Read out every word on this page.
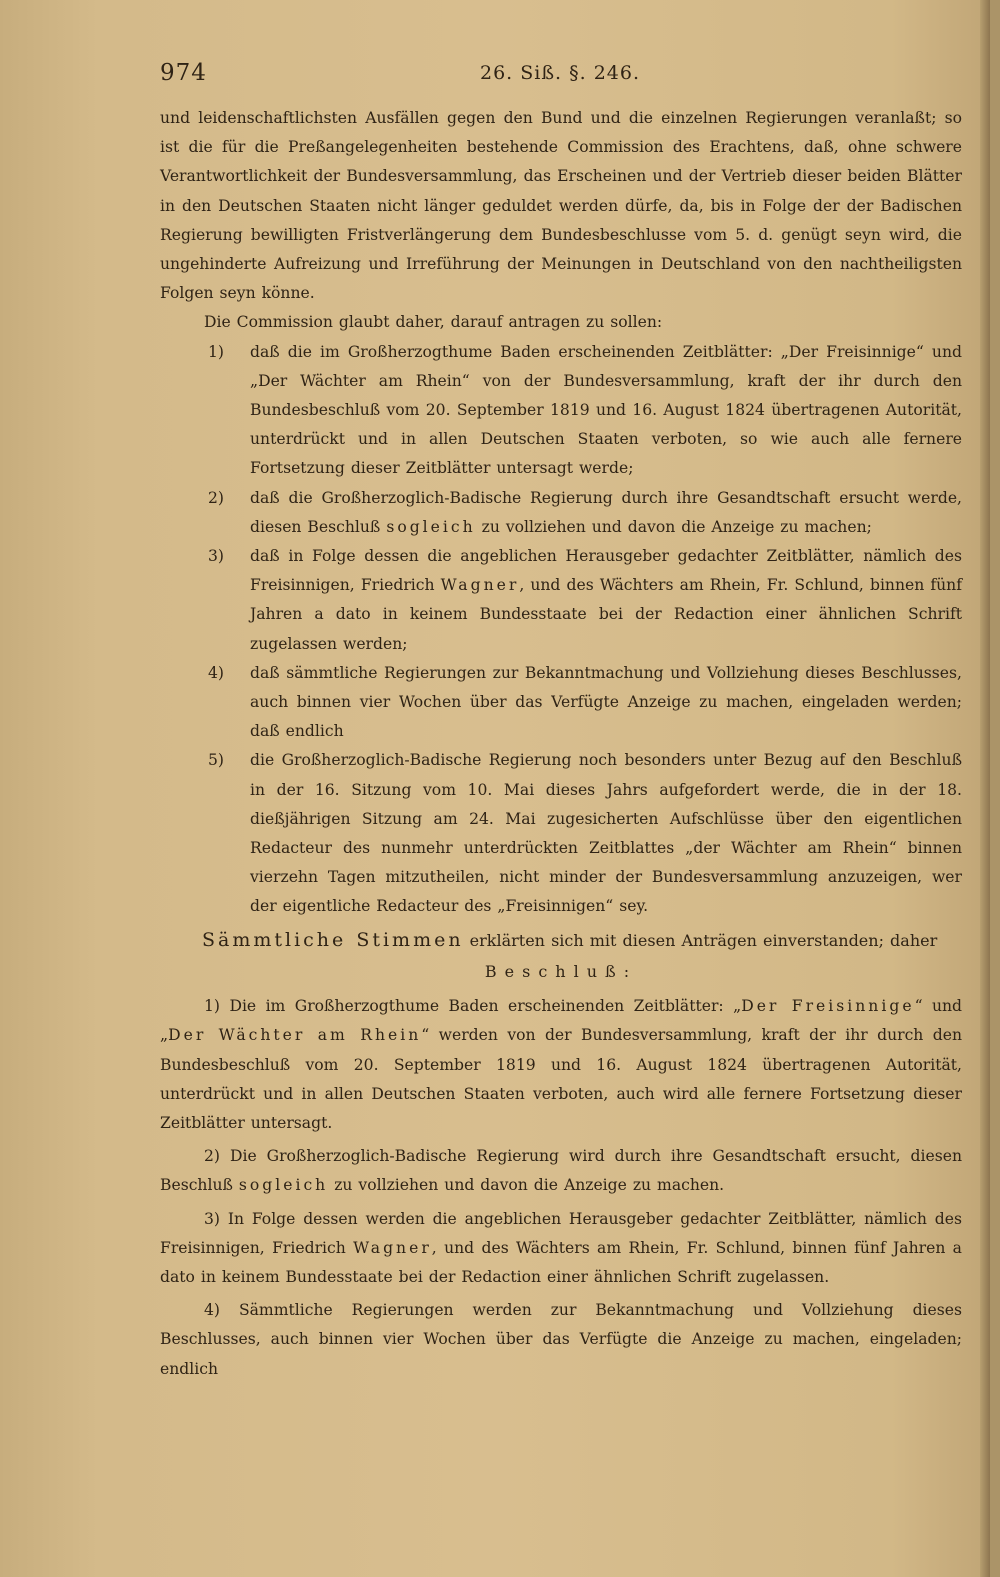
974	26. Siß. §. 246.

und leidenschaftlichsten Ausfällen gegen den Bund und die einzelnen Regierungen veranlaßt; so ist die für die Preßangelegenheiten bestehende Commission des Erachtens, daß, ohne schwere Verantwortlichkeit der Bundesversammlung, das Erscheinen und der Vertrieb dieser beiden Blätter in den Deutschen Staaten nicht länger geduldet werden dürfe, da, bis in Folge der der Badischen Regierung bewilligten Fristverlängerung dem Bundesbeschlusse vom 5. d. genügt seyn wird, die ungehinderte Aufreizung und Irreführung der Meinungen in Deutschland von den nachtheiligsten Folgen seyn könne.

Die Commission glaubt daher, darauf antragen zu sollen:

1)	daß die im Großherzogthume Baden erscheinenden Zeitblätter: „Der Freisinnige“ und „Der Wächter am Rhein“ von der Bundesversammlung, kraft der ihr durch den Bundesbeschluß vom 20. September 1819 und 16. August 1824 übertragenen Autorität, unterdrückt und in allen Deutschen Staaten verboten, so wie auch alle fernere Fortsetzung dieser Zeitblätter untersagt werde;

2)	daß die Großherzoglich-Badische Regierung durch ihre Gesandtschaft ersucht werde, diesen Beschluß sogleich zu vollziehen und davon die Anzeige zu machen;

3)	daß in Folge dessen die angeblichen Herausgeber gedachter Zeitblätter, nämlich des Freisinnigen, Friedrich Wagner, und des Wächters am Rhein, Fr. Schlund, binnen fünf Jahren a dato in keinem Bundesstaate bei der Redaction einer ähnlichen Schrift zugelassen werden;

4)	daß sämmtliche Regierungen zur Bekanntmachung und Vollziehung dieses Beschlusses, auch binnen vier Wochen über das Verfügte Anzeige zu machen, eingeladen werden; daß endlich

5)	die Großherzoglich-Badische Regierung noch besonders unter Bezug auf den Beschluß in der 16. Sitzung vom 10. Mai dieses Jahrs aufgefordert werde, die in der 18. dießjährigen Sitzung am 24. Mai zugesicherten Aufschlüsse über den eigentlichen Redacteur des nunmehr unterdrückten Zeitblattes „der Wächter am Rhein“ binnen vierzehn Tagen mitzutheilen, nicht minder der Bundesversammlung anzuzeigen, wer der eigentliche Redacteur des „Freisinnigen“ sey.

Sämmtliche Stimmen erklärten sich mit diesen Anträgen einverstanden; daher

Beschluß:

1) Die im Großherzogthume Baden erscheinenden Zeitblätter: „Der Freisinnige“ und „Der Wächter am Rhein“ werden von der Bundesversammlung, kraft der ihr durch den Bundesbeschluß vom 20. September 1819 und 16. August 1824 übertragenen Autorität, unterdrückt und in allen Deutschen Staaten verboten, auch wird alle fernere Fortsetzung dieser Zeitblätter untersagt.

2) Die Großherzoglich-Badische Regierung wird durch ihre Gesandtschaft ersucht, diesen Beschluß sogleich zu vollziehen und davon die Anzeige zu machen.

3) In Folge dessen werden die angeblichen Herausgeber gedachter Zeitblätter, nämlich des Freisinnigen, Friedrich Wagner, und des Wächters am Rhein, Fr. Schlund, binnen fünf Jahren a dato in keinem Bundesstaate bei der Redaction einer ähnlichen Schrift zugelassen.

4) Sämmtliche Regierungen werden zur Bekanntmachung und Vollziehung dieses Beschlusses, auch binnen vier Wochen über das Verfügte die Anzeige zu machen, eingeladen; endlich
